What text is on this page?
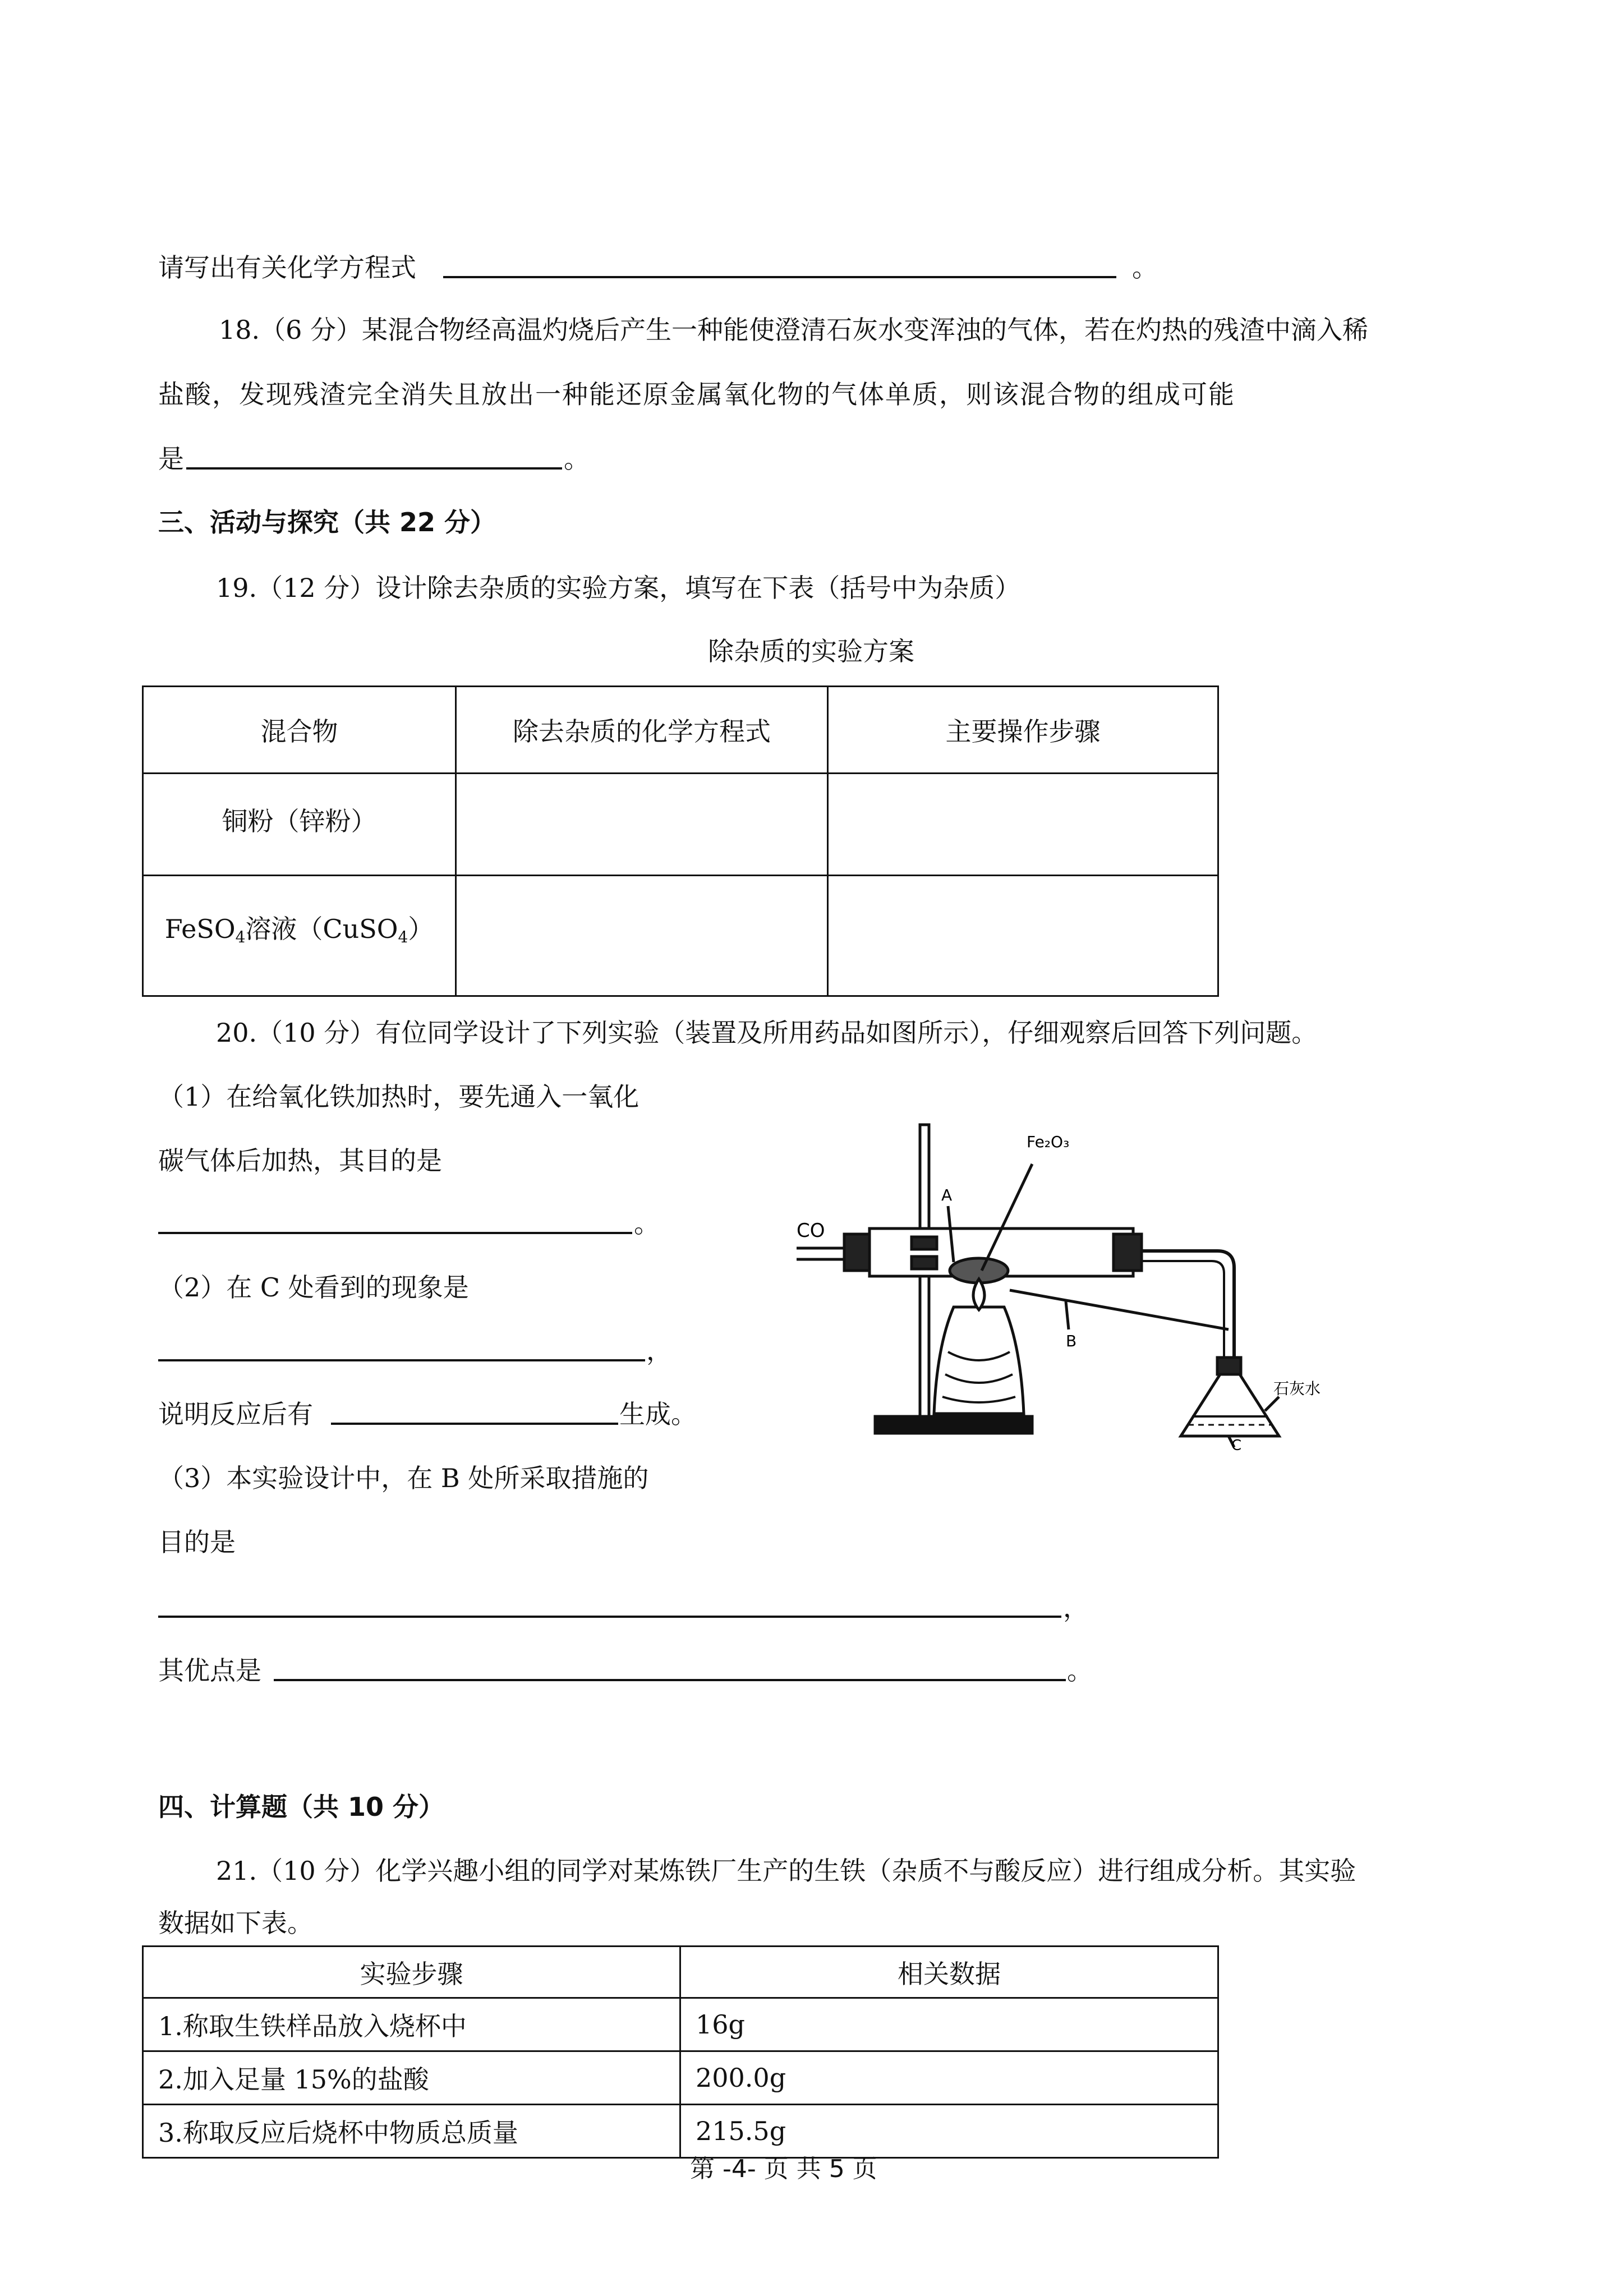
请写出有关化学方程式	。
18.（6 分）某混合物经高温灼烧后产生一种能使澄清石灰水变浑浊的气体，若在灼热的残渣中滴入稀
盐酸，发现残渣完全消失且放出一种能还原金属氧化物的气体单质，则该混合物的组成可能
是	。
三、活动与探究（共 22 分）
19.（12 分）设计除去杂质的实验方案，填写在下表（括号中为杂质）
除杂质的实验方案
混合物	除去杂质的化学方程式	主要操作步骤
铜粉（锌粉）		
FeSO$_4$溶液（CuSO$_4$）		
20.（10 分）有位同学设计了下列实验（装置及所用药品如图所示），仔细观察后回答下列问题。
（1）在给氧化铁加热时，要先通入一氧化
碳气体后加热，其目的是
。
（2）在 C 处看到的现象是
，
说明反应后有	生成。
（3）本实验设计中，在 B 处所采取措施的
目的是
，
其优点是	。
CO
Fe₂O₃
A
B
石灰水
C
四、计算题（共 10 分）
21.（10 分）化学兴趣小组的同学对某炼铁厂生产的生铁（杂质不与酸反应）进行组成分析。其实验
数据如下表。
实验步骤	相关数据
1.称取生铁样品放入烧杯中	16g
2.加入足量 15%的盐酸	200.0g
3.称取反应后烧杯中物质总质量	215.5g
第 -4- 页 共 5 页
